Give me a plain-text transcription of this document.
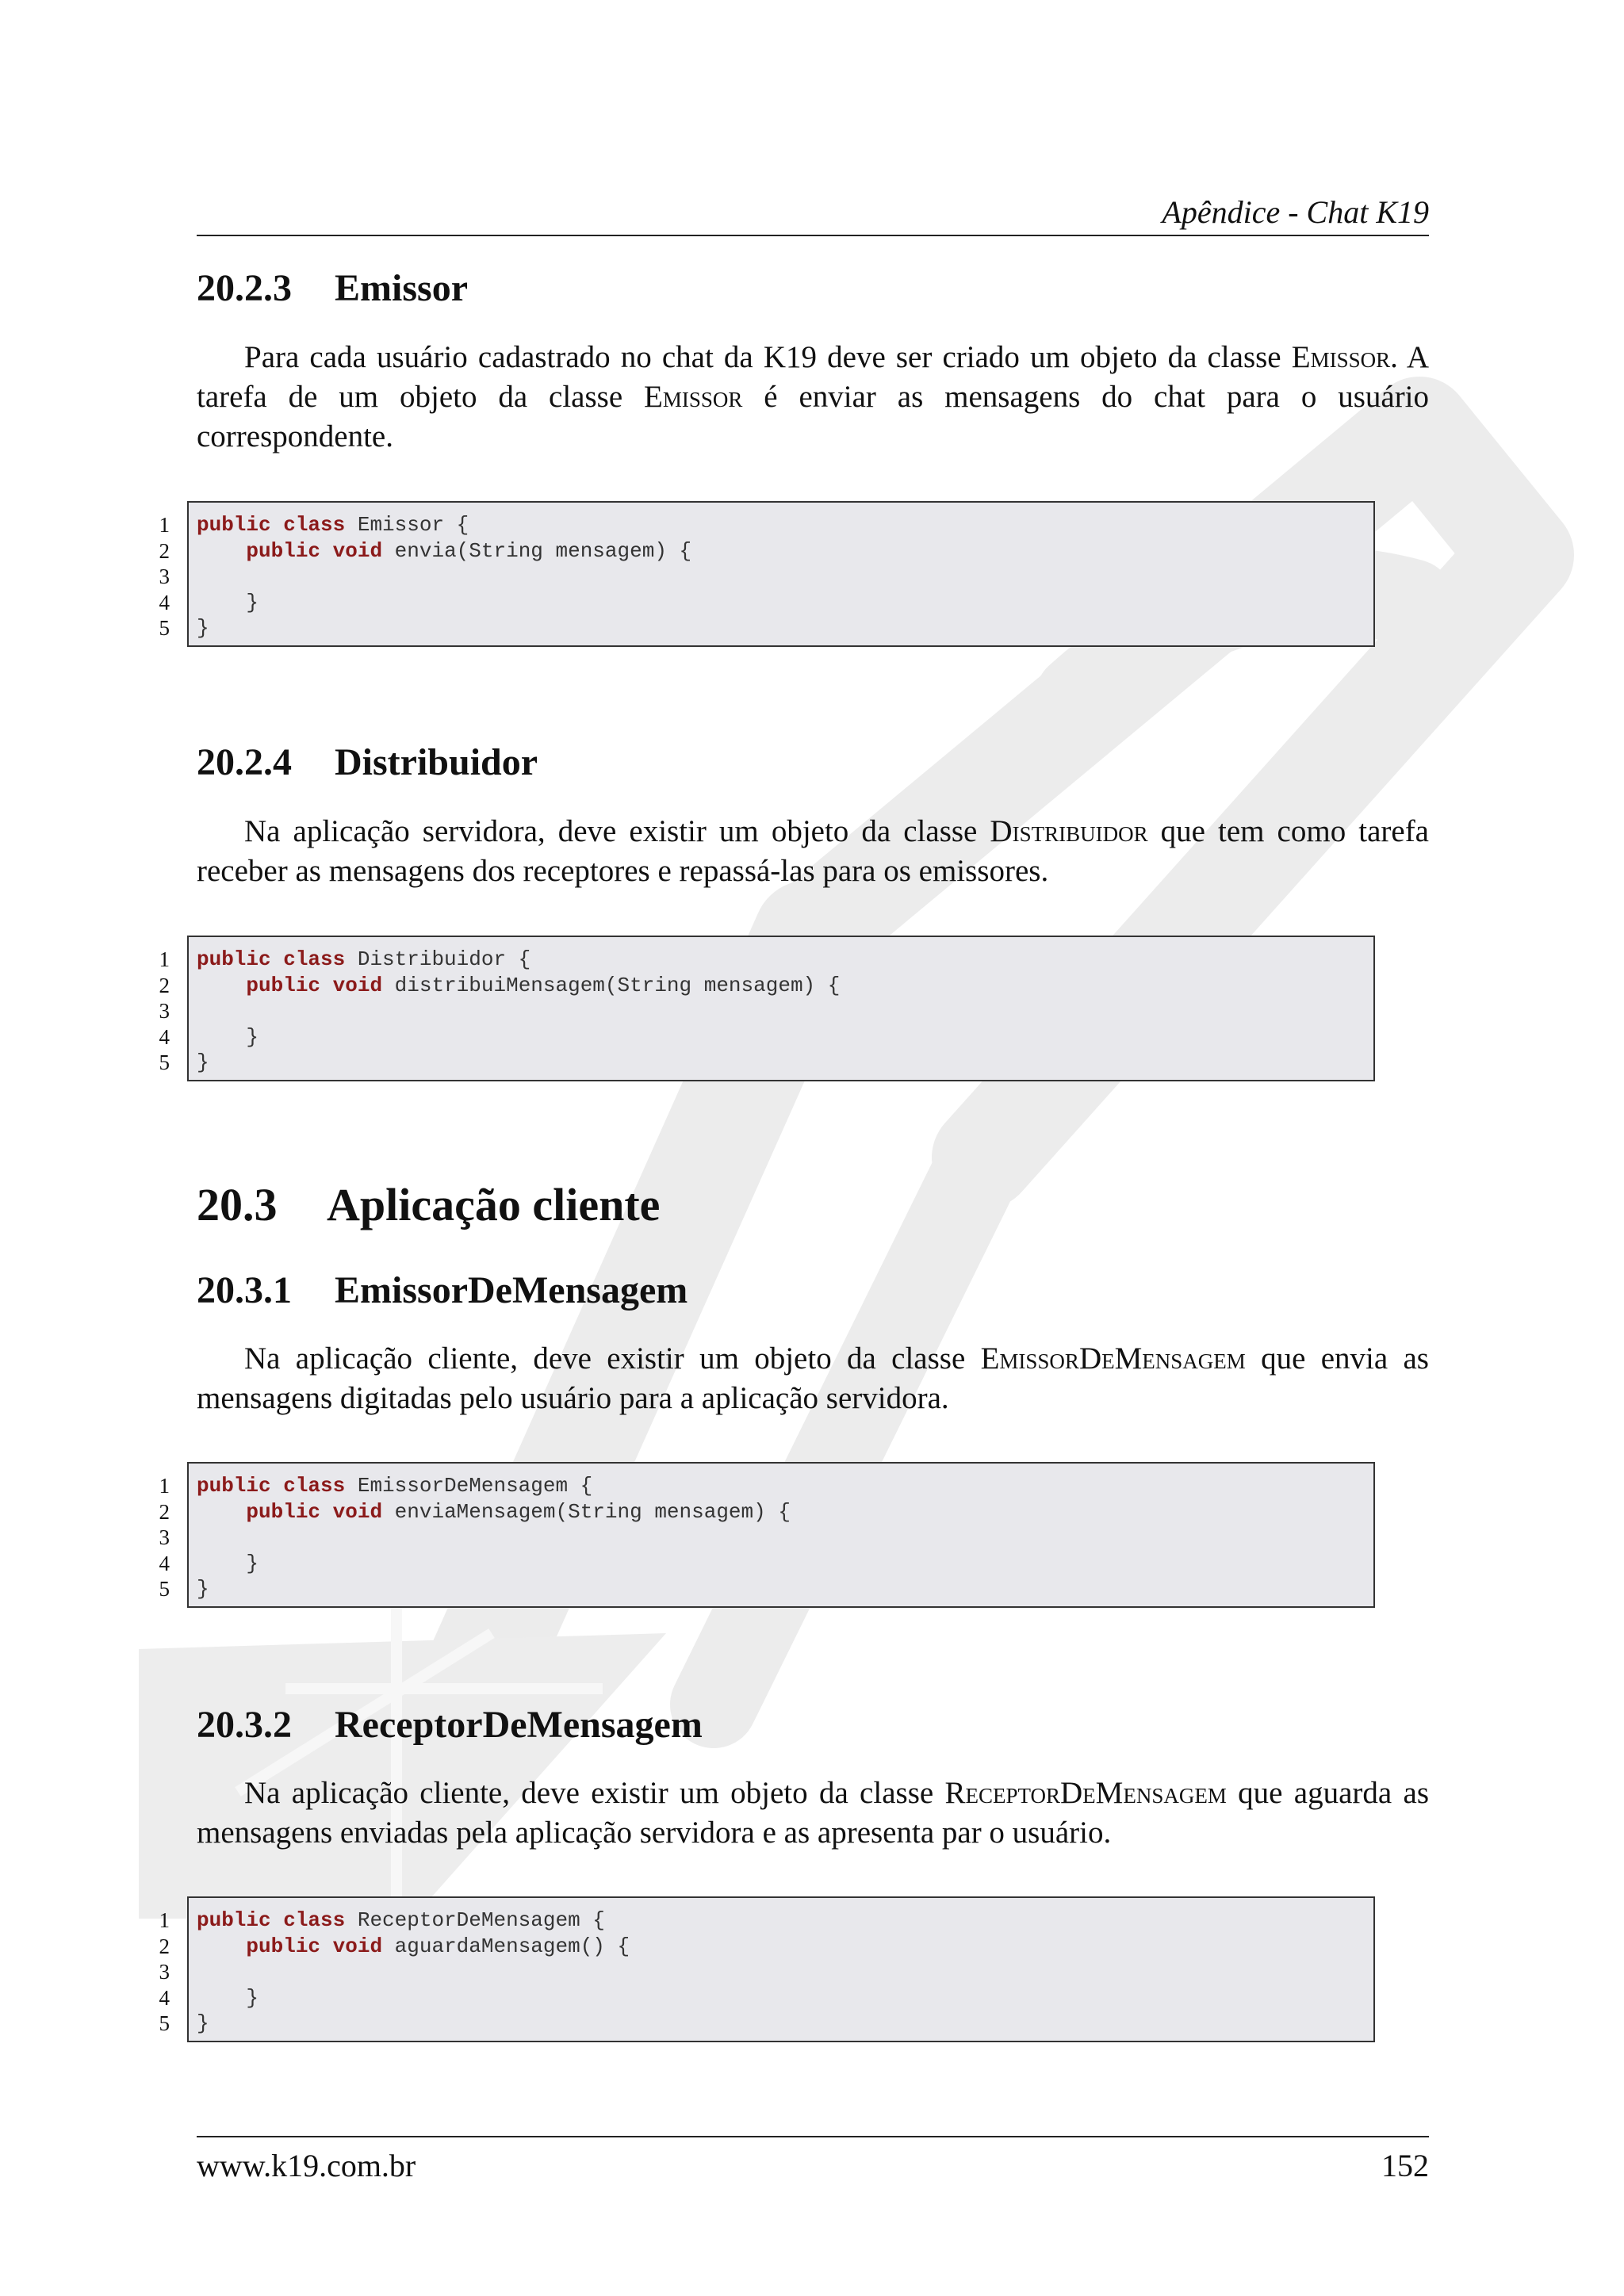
Apêndice - Chat K19
20.2.3 Emissor

Para cada usuário cadastrado no chat da K19 deve ser criado um objeto da classe Emissor. A tarefa de um objeto da classe Emissor é enviar as mensagens do chat para o usuário correspondente.

1
2
3
4
5
public class Emissor {
public void envia(String mensagem) {

}
}
20.2.4 Distribuidor

Na aplicação servidora, deve existir um objeto da classe Distribuidor que tem como tarefa receber as mensagens dos receptores e repassá-las para os emissores.

1
2
3
4
5
public class Distribuidor {
public void distribuiMensagem(String mensagem) {

}
}
20.3 Aplicação cliente
20.3.1 EmissorDeMensagem

Na aplicação cliente, deve existir um objeto da classe EmissorDeMensagem que envia as mensagens digitadas pelo usuário para a aplicação servidora.

1
2
3
4
5
public class EmissorDeMensagem {
public void enviaMensagem(String mensagem) {

}
}
20.3.2 ReceptorDeMensagem

Na aplicação cliente, deve existir um objeto da classe ReceptorDeMensagem que aguarda as mensagens enviadas pela aplicação servidora e as apresenta par o usuário.

1
2
3
4
5
public class ReceptorDeMensagem {
public void aguardaMensagem() {

}
}
www.k19.com.br	152
